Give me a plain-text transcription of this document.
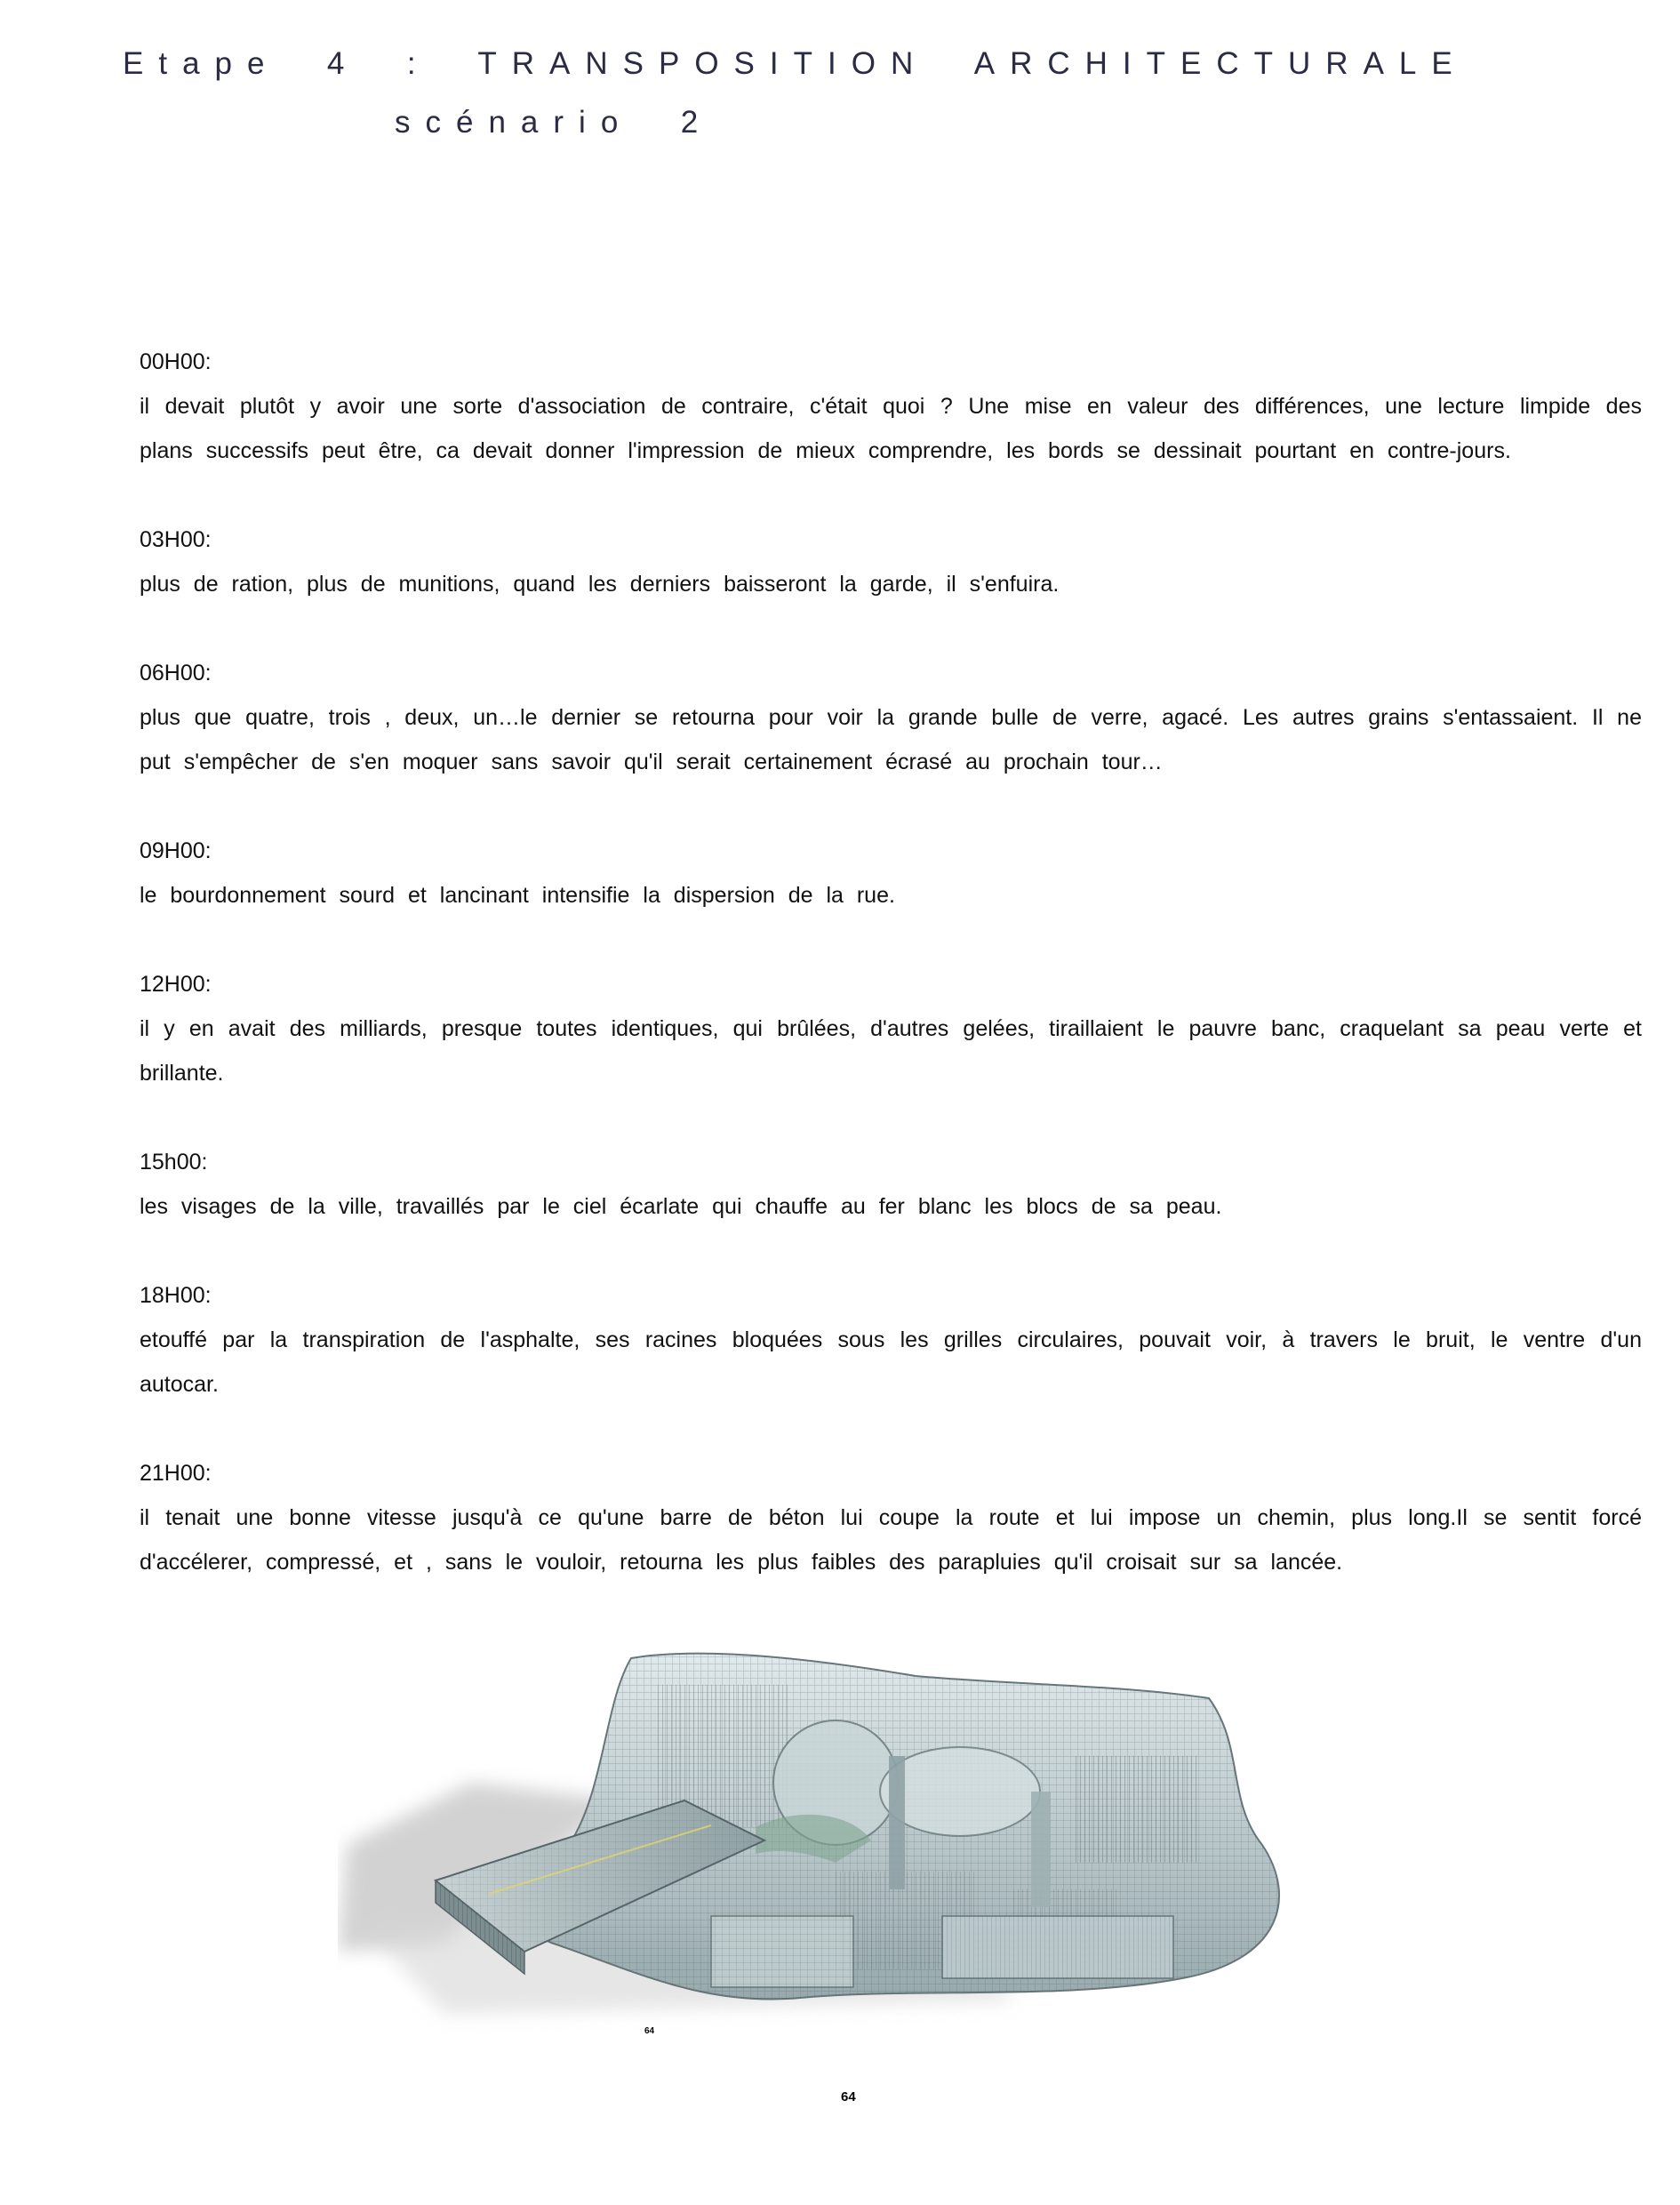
Etape  4  :  TRANSPOSITION  ARCHITECTURALE
scénario  2
00H00:
il devait plutôt y avoir une sorte d'association de contraire, c'était quoi ? Une mise en valeur des différences, une lecture limpide des plans successifs peut être, ca devait donner l'impression de mieux comprendre, les bords se dessinait pourtant en contre-jours.
03H00:
plus de ration, plus de munitions, quand les derniers baisseront la garde, il s'enfuira.
06H00:
plus que quatre, trois , deux, un…le dernier se retourna pour voir la grande bulle de verre, agacé. Les autres grains s'entassaient. Il ne put s'empêcher de s'en moquer sans savoir qu'il serait certainement écrasé au prochain tour…
09H00:
le bourdonnement sourd et lancinant intensifie la dispersion de la rue.
12H00:
il y en avait des milliards, presque toutes identiques, qui brûlées, d'autres gelées, tiraillaient le pauvre banc, craquelant sa peau verte et brillante.
15h00:
les visages de la ville, travaillés par le ciel écarlate qui chauffe au fer blanc les blocs de sa peau.
18H00:
etouffé par la transpiration de l'asphalte, ses racines bloquées sous les grilles circulaires, pouvait voir, à travers le bruit, le ventre d'un autocar.
21H00:
il tenait une bonne vitesse jusqu'à ce qu'une barre de béton lui coupe la route et lui impose un chemin, plus long.Il se sentit forcé d'accélerer, compressé, et , sans le vouloir, retourna les plus faibles des parapluies qu'il croisait sur sa lancée.
64
64
